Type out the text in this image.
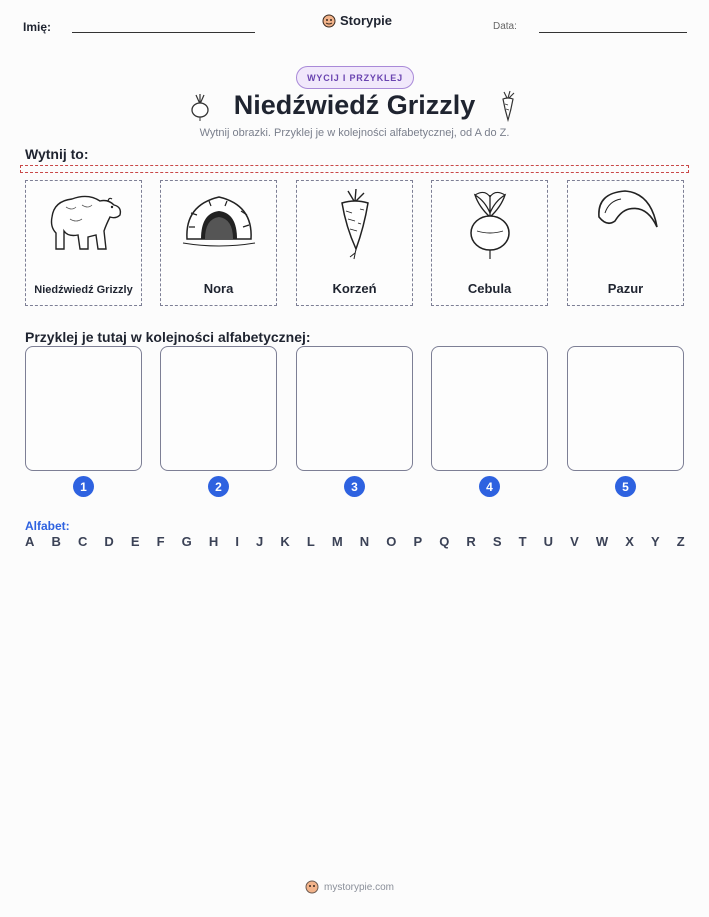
Imię:	Storypie	Data:
WYCIJ I PRZYKLEJ
Niedźwiedź Grizzly
Wytnij obrazki. Przyklej je w kolejności alfabetycznej, od A do Z.
Wytnij to:
Niedźwiedź Grizzly	Nora	Korzeń	Cebula	Pazur
Przyklej je tutaj w kolejności alfabetycznej:
1	2	3	4	5
Alfabet:
A B C D E F G H I J K L M N O P Q R S T U V W X Y Z
mystorypie.com
